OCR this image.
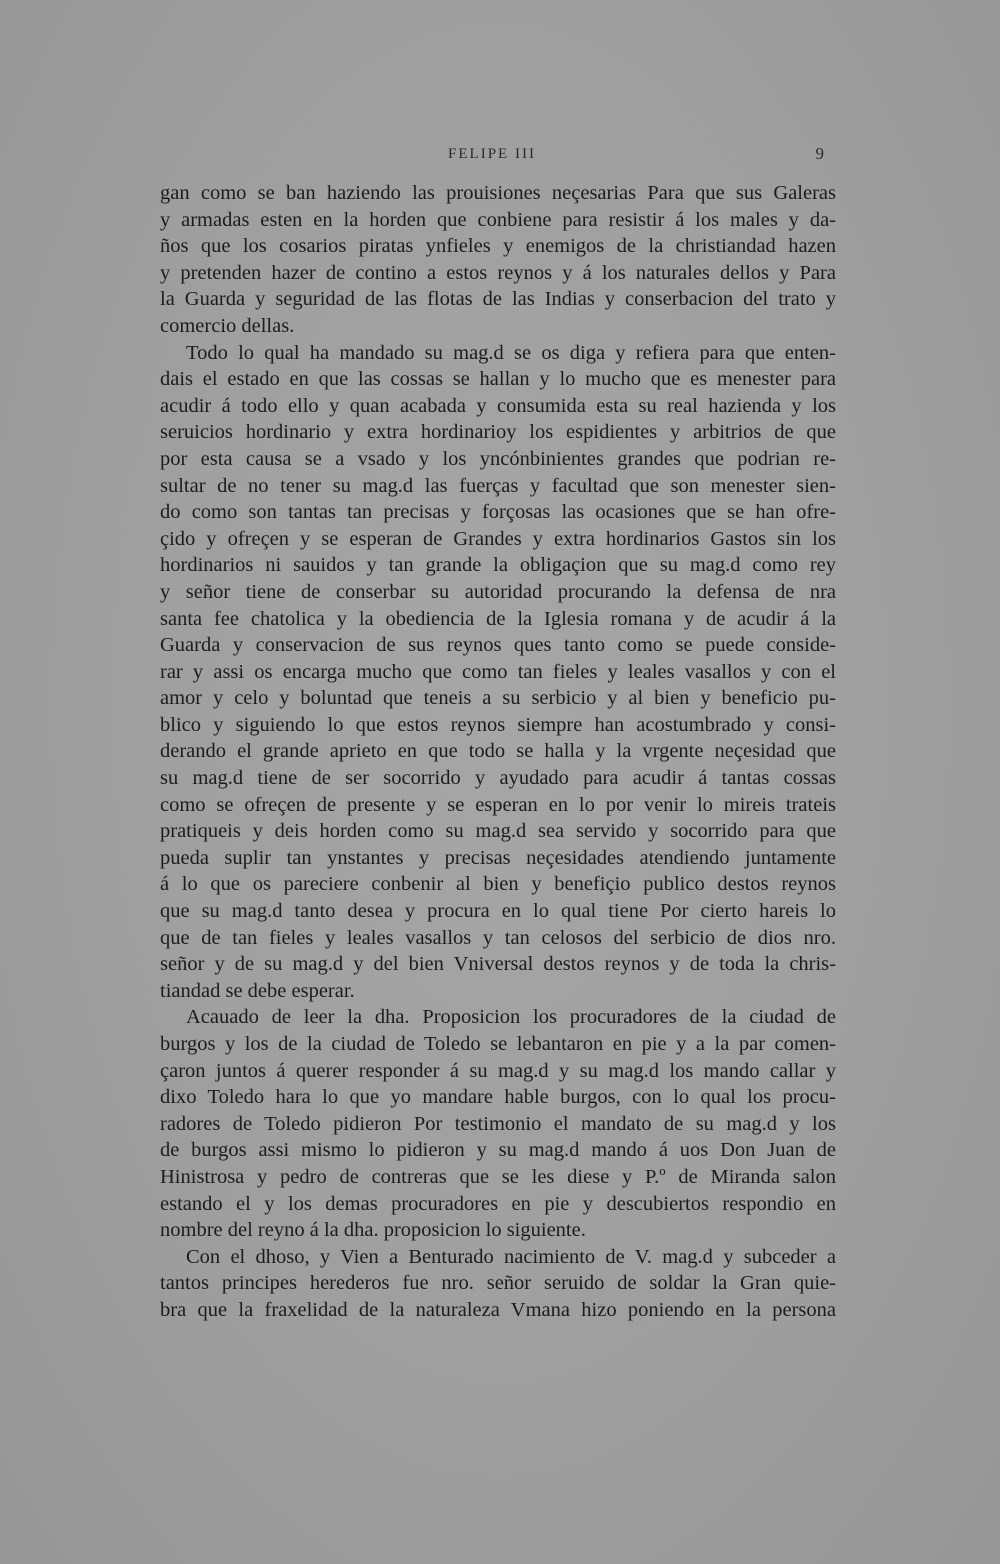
FELIPE III	9
gan como se ban haziendo las prouisiones neçesarias Para que sus Galeras
y armadas esten en la horden que conbiene para resistir á los males y da-
ños que los cosarios piratas ynfieles y enemigos de la christiandad hazen
y pretenden hazer de contino a estos reynos y á los naturales dellos y Para
la Guarda y seguridad de las flotas de las Indias y conserbacion del trato y
comercio dellas.
Todo lo qual ha mandado su mag.d se os diga y refiera para que enten-
dais el estado en que las cossas se hallan y lo mucho que es menester para
acudir á todo ello y quan acabada y consumida esta su real hazienda y los
seruicios hordinario y extra hordinarioy los espidientes y arbitrios de que
por esta causa se a vsado y los yncónbinientes grandes que podrian re-
sultar de no tener su mag.d las fuerças y facultad que son menester sien-
do como son tantas tan precisas y forçosas las ocasiones que se han ofre-
çido y ofreçen y se esperan de Grandes y extra hordinarios Gastos sin los
hordinarios ni sauidos y tan grande la obligaçion que su mag.d como rey
y señor tiene de conserbar su autoridad procurando la defensa de nra
santa fee chatolica y la obediencia de la Iglesia romana y de acudir á la
Guarda y conservacion de sus reynos ques tanto como se puede conside-
rar y assi os encarga mucho que como tan fieles y leales vasallos y con el
amor y celo y boluntad que teneis a su serbicio y al bien y beneficio pu-
blico y siguiendo lo que estos reynos siempre han acostumbrado y consi-
derando el grande aprieto en que todo se halla y la vrgente neçesidad que
su mag.d tiene de ser socorrido y ayudado para acudir á tantas cossas
como se ofreçen de presente y se esperan en lo por venir lo mireis trateis
pratiqueis y deis horden como su mag.d sea servido y socorrido para que
pueda suplir tan ynstantes y precisas neçesidades atendiendo juntamente
á lo que os pareciere conbenir al bien y benefiçio publico destos reynos
que su mag.d tanto desea y procura en lo qual tiene Por cierto hareis lo
que de tan fieles y leales vasallos y tan celosos del serbicio de dios nro.
señor y de su mag.d y del bien Vniversal destos reynos y de toda la chris-
tiandad se debe esperar.
Acauado de leer la dha. Proposicion los procuradores de la ciudad de
burgos y los de la ciudad de Toledo se lebantaron en pie y a la par comen-
çaron juntos á querer responder á su mag.d y su mag.d los mando callar y
dixo Toledo hara lo que yo mandare hable burgos, con lo qual los procu-
radores de Toledo pidieron Por testimonio el mandato de su mag.d y los
de burgos assi mismo lo pidieron y su mag.d mando á uos Don Juan de
Hinistrosa y pedro de contreras que se les diese y P.º de Miranda salon
estando el y los demas procuradores en pie y descubiertos respondio en
nombre del reyno á la dha. proposicion lo siguiente.
Con el dhoso, y Vien a Benturado nacimiento de V. mag.d y subceder a
tantos principes herederos fue nro. señor seruido de soldar la Gran quie-
bra que la fraxelidad de la naturaleza Vmana hizo poniendo en la persona
